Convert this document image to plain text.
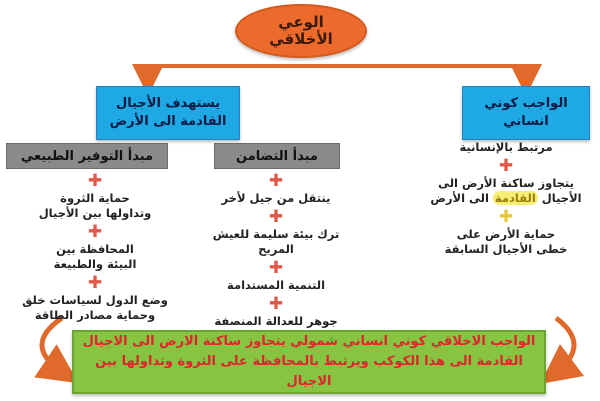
الوعي
الأخلاقي
يستهدف الأجيال
القادمة الى الأرض
الواجب كوني
انساني
مبدأ التوفير الطبيعي	مبدأ التضامن
مرتبط بالإنسانية
✚
يتجاوز ساكنة الأرض الى
الأجيال القادمة الى الأرض
✚
حماية الأرض على
خطى الأجيال السابقة
✚
ينتقل من جيل لأخر
✚
ترك بيئة سليمة للعيش
المريح
✚
التنمية المستدامة
✚
جوهر للعدالة المنصفة
✚
حماية الثروة
وتداولها بين الأجيال
✚
المحافظة بين
البيئة والطبيعة
✚
وضع الدول لسياسات خلق
وحماية مصادر الطاقة
الواجب الاخلاقي كوني انساني شمولي يتجاوز ساكنة الارض الى الاجيال
القادمة الى هذا الكوكب ويرتبط بالمحافظة على الثروة وتداولها بين الاجيال
